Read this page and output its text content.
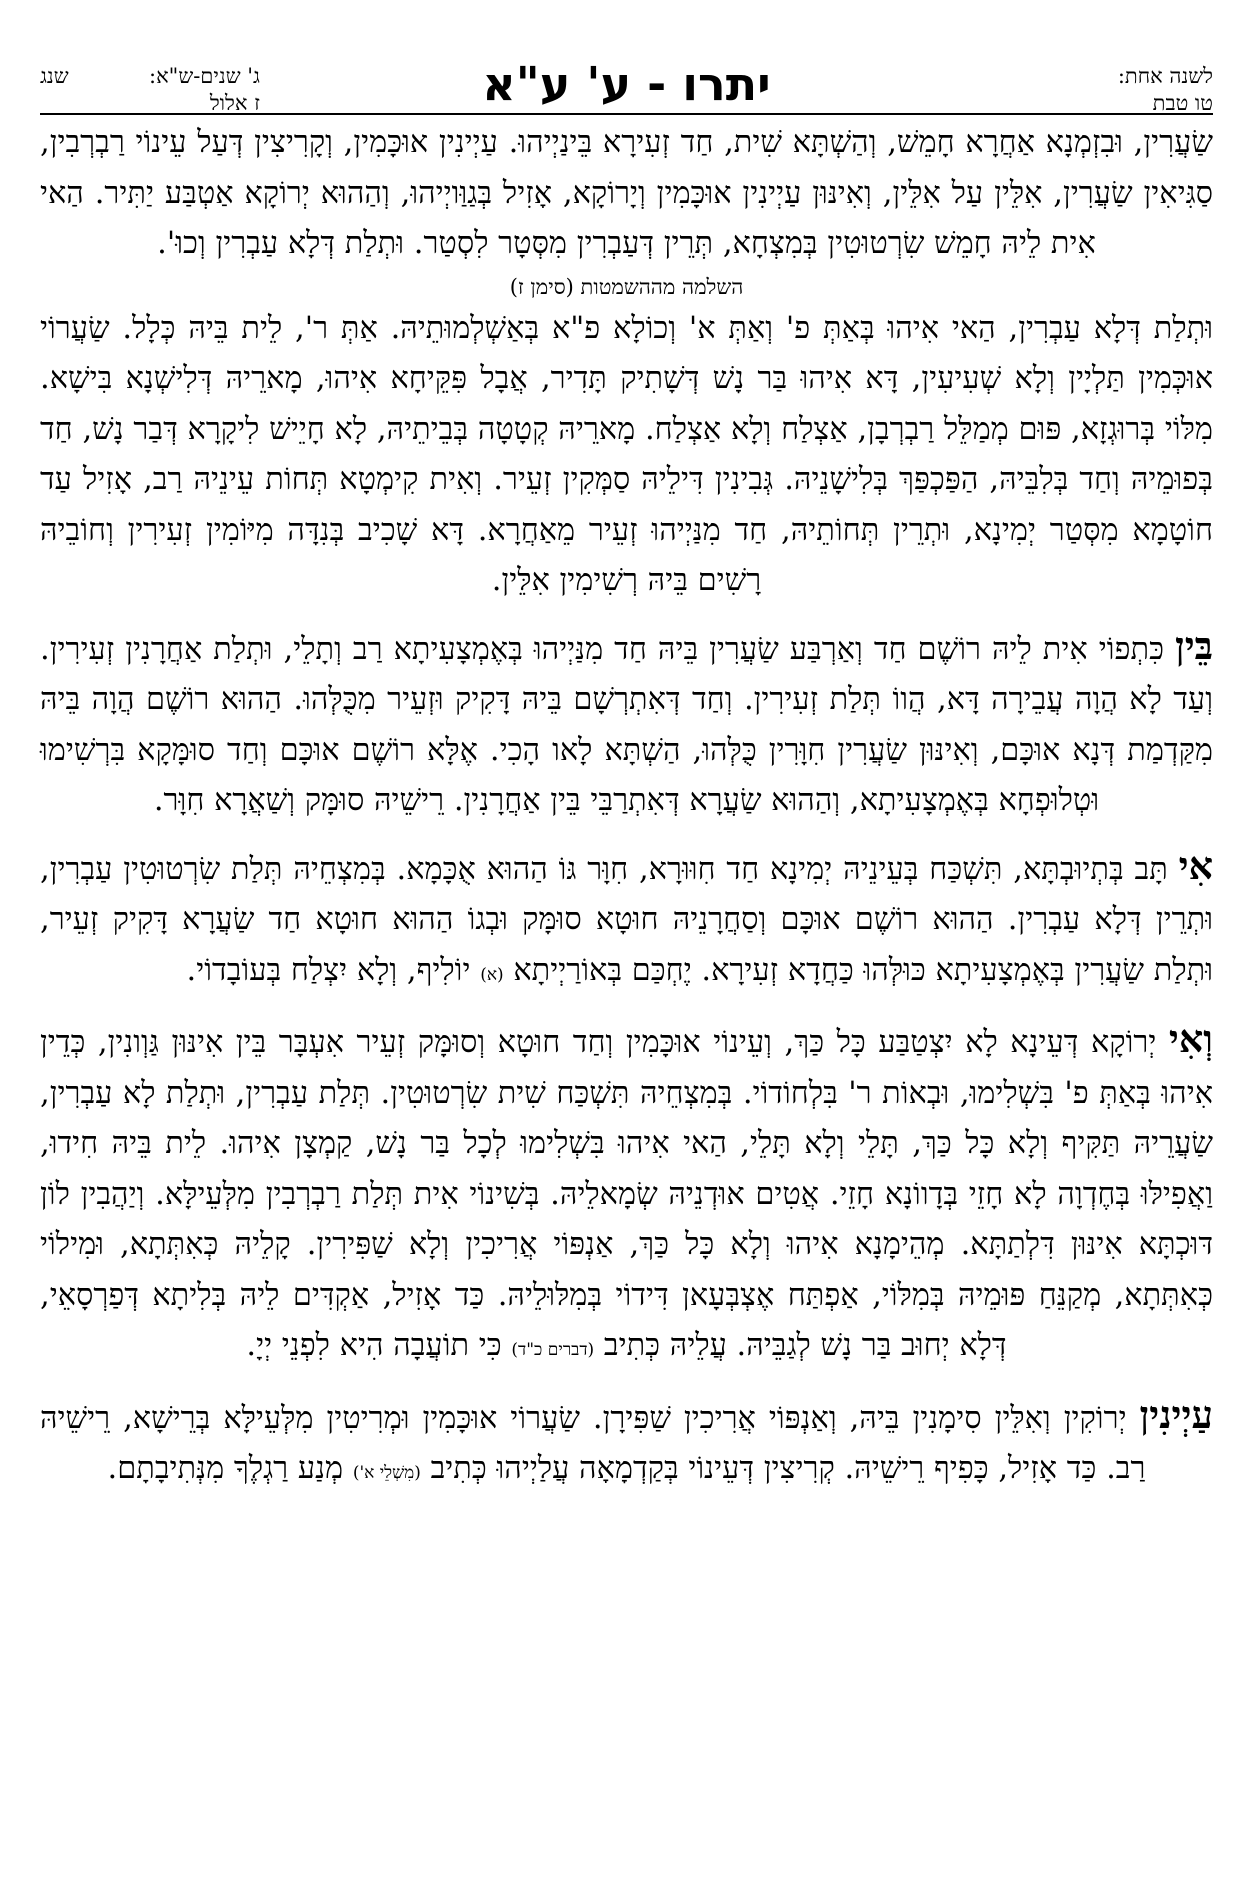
לשנה אחת:
טו טבת
יתרו - ע' ע"א
שנג	ג' שנים-ש"א:
ז אלול

שַׂעֲרִין, וּבִזְמְנָא אַחֲרָא חָמֵשׁ, וְהַשְׁתָּא שִׁית, חַד זְעִירָא בֵּינַיְיהוּ. עַיְינִין אוּכָּמִין, וְקָרִיצִין דְּעַל עֵינוֹי רַבְרְבִין, סַגִּיאִין שַׂעֲרִין, אִלֵּין עַל אִלֵּין, וְאִינּוּן עַיְינִין אוּכָּמִין וְיָרוֹקָא, אָזִיל בְּגַוַּויְיהוּ, וְהַהוּא יְרוֹקָא אַטְבַּע יַתִּיר. הַאי אִית לֵיהּ חָמֵשׁ שִׂרְטוּטִין בְּמִצְחָא, תְּרֵין דְּעַבְרִין מִסְּטָר לִסְטַר. וּתְלַת דְּלָא עַבְרִין וְכוּ'.

השלמה מההשמטות (סימן ז)

וּתְלַת דְּלָא עַבְרִין, הַאי אִיהוּ בְּאַתְּ פ' וְאַתְּ א' וְכוֹלָא פ"א בְּאַשְׁלְמוּתֵיהּ. אַתְּ ר', לֵית בֵּיהּ כְּלָל. שַׂעֲרוֹי אוּכְּמִין תַּלְיָין וְלָא שְׁעִיעִין, דָּא אִיהוּ בַּר נָשׁ דְּשָׁתִיק תָּדִיר, אֲבָל פִּקֵּיחָא אִיהוּ, מָארֵיהּ דְּלִישְׁנָא בִּישָׁא. מִלּוֹי בְּרוּגְזָא, פּוּם מְמַלֵּל רַבְרְבָן, אַצְלַח וְלָא אַצְלַח. מָארֵיהּ קְטָטָה בְּבֵיתֵיהּ, לָא חָיֵישׁ לִיקָרָא דְּבַר נָשׁ, חַד בְּפוּמֵיהּ וְחַד בְּלִבֵּיהּ, הַפַּכְפַּךְ בְּלִישָׁנֵיהּ. גְּבִינִין דִּילֵיהּ סַמְּקִין זְעֵיר. וְאִית קִימְטָא תְּחוֹת עֵינֵיהּ רַב, אָזִיל עַד חוֹטָמָא מִסְּטַר יְמִינָא, וּתְרֵין תְּחוֹתֵיהּ, חַד מִנַּיְיהוּ זְעֵיר מֵאַחֲרָא. דָּא שָׁכִיב בְּנִדָּה מִיּוֹמִין זְעִירִין וְחוֹבֵיהּ רָשִׁים בֵּיהּ רְשִׁימִין אִלֵּין.

בֵּין כִּתְפוֹי אִית לֵיהּ רוֹשֶׁם חַד וְאַרְבַּע שַׂעֲרִין בֵּיהּ חַד מִנַּיְיהוּ בְּאֶמְצָעִיתָא רַב וְתָלֵי, וּתְלַת אַחֲרָנִין זְעִירִין. וְעַד לָא הֲוָה עֲבֵירָה דָּא, הֲווֹ תְּלַת זְעִירִין. וְחַד דְּאִתְרְשָׁם בֵּיהּ דָּקִיק וּזְעֵיר מִכֻּלְּהוּ. הַהוּא רוֹשֶׁם הֲוָה בֵּיהּ מִקַּדְמַת דְּנָא אוּכָּם, וְאִינּוּן שַׂעֲרִין חִוָּרִין כֻּלְּהוּ, הַשְׁתָּא לָאו הָכִי. אֶלָּא רוֹשֶׁם אוּכָּם וְחַד סוּמָּקָא בִּרְשִׁימוּ וּטְלוּפְחָא בְּאֶמְצָעִיתָא, וְהַהוּא שַׂעֲרָא דְּאִתְרַבֵּי בֵּין אַחֲרָנִין. רֵישֵׁיהּ סוּמָּק וְשַׁאֲרָא חִוָּר.

אִי תָּב בְּתְיוּבְתָּא, תִּשְׁכַּח בְּעֵינֵיהּ יְמִינָא חַד חִוּוּרָא, חִוָּר גּוֹ הַהוּא אֻכָּמָא. בְּמִצְחֵיהּ תְּלַת שִׂרְטוּטִין עַבְרִין, וּתְרֵין דְּלָא עַבְרִין. הַהוּא רוֹשֶׁם אוּכָּם וְסַחֲרָנֵיהּ חוּטָא סוּמָּק וּבְגוֹ הַהוּא חוּטָא חַד שַׂעֲרָא דָּקִיק זְעֵיר, וּתְלַת שַׂעֲרִין בְּאֶמְצָעִיתָא כּוּלְּהוּ כַּחֲדָא זְעִירָא. יֶחְכַּם בְּאוֹרַיְיתָא (א) יוֹלִיף, וְלָא יִצְלַח בְּעוֹבָדוֹי.

וְאִי יְרוֹקָא דְּעֵינָא לָא יִצְטַבַּע כָּל כַּךְ, וְעֵינוֹי אוּכָּמִין וְחַד חוּטָא וְסוּמָּק זְעֵיר אִעְבָּר בֵּין אִינּוּן גַּוְונִין, כְּדֵין אִיהוּ בְּאַתְּ פ' בִּשְׁלִימוּ, וּבְאוֹת ר' בִּלְחוֹדוֹי. בְּמִצְחֵיהּ תִּשְׁכַּח שִׁית שִׂרְטוּטִין. תְּלַת עַבְרִין, וּתְלַת לָא עַבְרִין, שַׂעֲרֵיהּ תַּקִּיף וְלָא כָּל כַּךְ, תָּלֵי וְלָא תָּלֵי, הַאי אִיהוּ בִּשְׁלִימוּ לְכָל בַּר נָשׁ, קַמְצָן אִיהוּ. לֵית בֵּיהּ חִידוּ, וַאֲפִילּוּ בְּחֶדְוָה לָא חָזֵי בְּדָווֹנָא חָזֵי. אֲטִים אוּדְנֵיהּ שְׂמָאלֵיהּ. בְּשִׁינוֹי אִית תְּלַת רַבְרְבִין מִלְּעֵילָּא. וְיַהֲבִין לוֹן דּוּכְתָּא אִינּוּן דִּלְתַתָּא. מְהֵימָנָא אִיהוּ וְלָא כָּל כַּךְ, אַנְפּוֹי אֲרִיכִין וְלָא שַׁפִּירִין. קָלֵיהּ כְּאִתְּתָא, וּמִילוֹי כְּאִתְּתָא, מְקַנֵּחַ פּוּמֵיהּ בְּמִלּוֹי, אַפְתַּח אֶצְבְּעָאן דִּידוֹי בְּמִלּוּלֵיהּ. כַּד אָזִיל, אַקְדִּים לֵיהּ בְּלִיתָא דְּפַרְסָאֵי, דְּלָא יְחוּב בַּר נָשׁ לְגַבֵּיהּ. עֲלֵיהּ כְּתִיב (דברים כ"ד) כִּי תוֹעֲבָה הִיא לִפְנֵי יְיָ.

עַיְינִין יְרוֹקִין וְאִלֵּין סִימָנִין בֵּיהּ, וְאַנְפּוֹי אֲרִיכִין שַׁפִּירָן. שַׂעֲרוֹי אוּכָּמִין וּמְרִיטִין מִלְּעֵילָּא בְּרֵישָׁא, רֵישֵׁיהּ רַב. כַּד אָזִיל, כָּפִיף רֵישֵׁיהּ. קְרִיצִין דְּעֵינוֹי בְּקַדְמָאָה עֲלַיְיהוּ כְּתִיב (מִשְׁלֵי א') מְנַע רַגְלֶךָ מִנְּתִיבָתָם.
